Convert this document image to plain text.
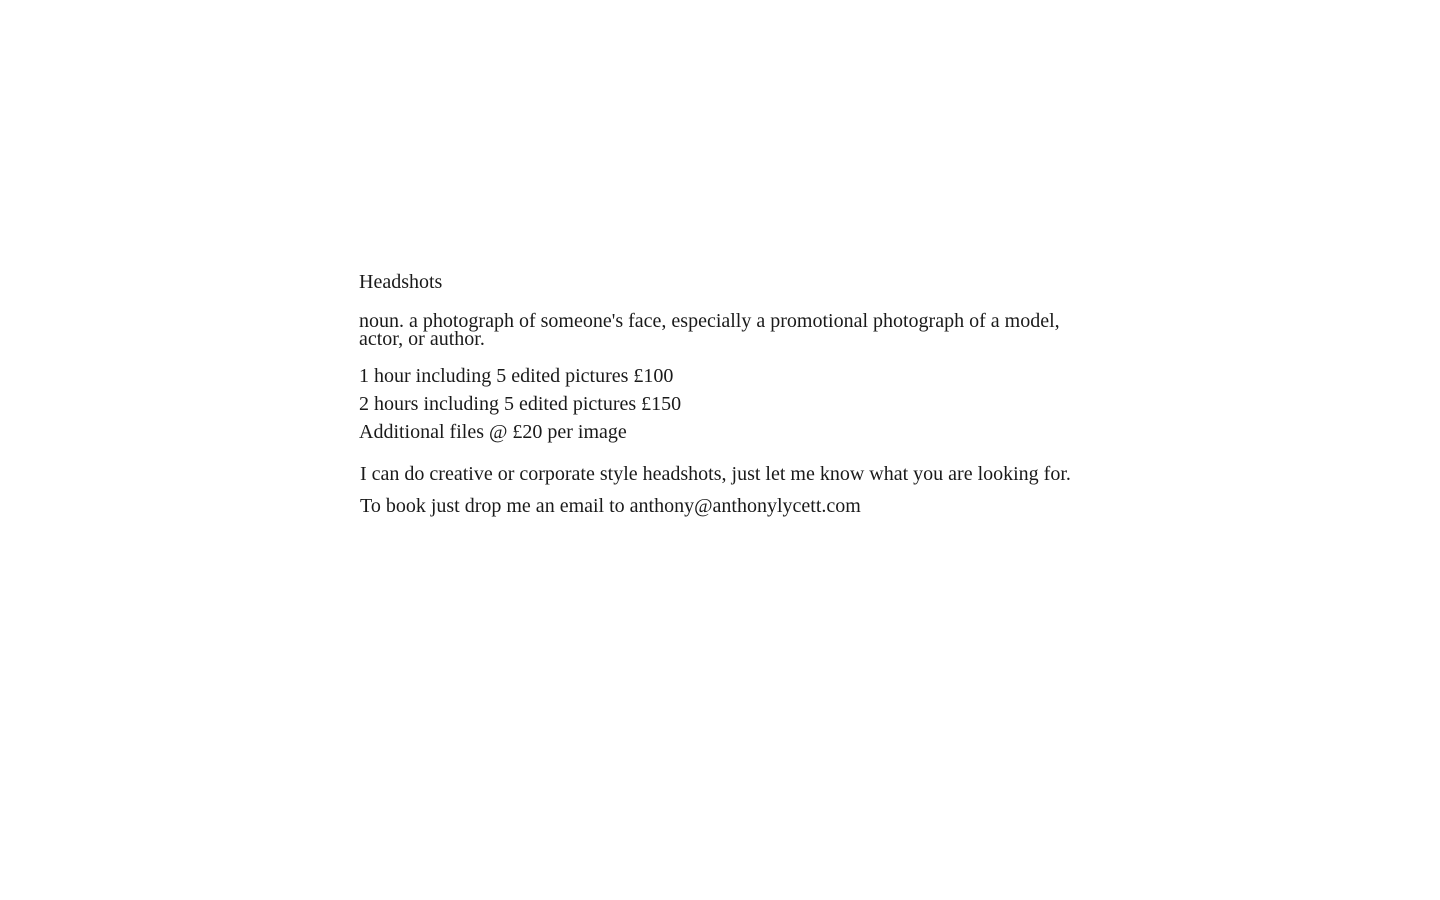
Headshots

noun. a photograph of someone's face, especially a promotional photograph of a model, actor, or author.

1 hour including 5 edited pictures £100
2 hours including 5 edited pictures £150
Additional files @ £20 per image

I can do creative or corporate style headshots, just let me know what you are looking for.

To book just drop me an email to anthony@anthonylycett.com
